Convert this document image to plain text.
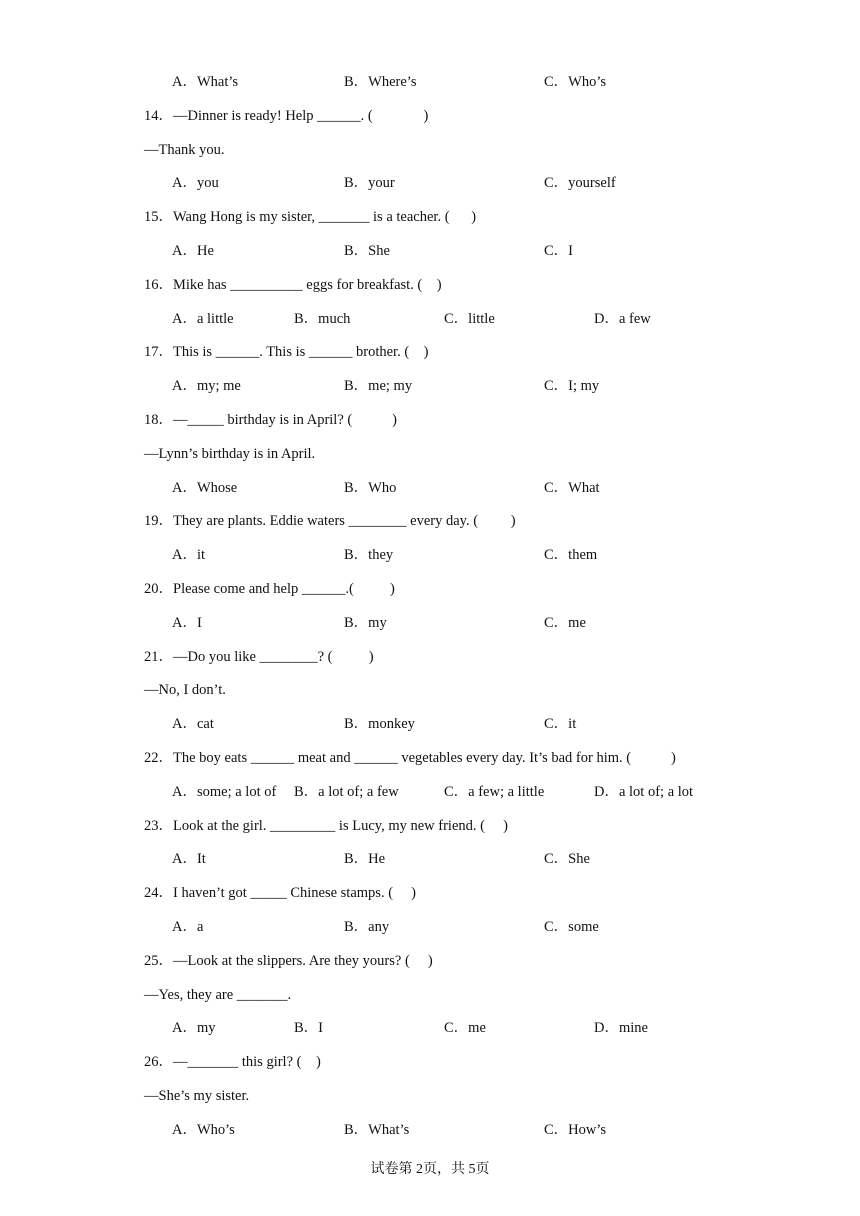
A．What’s	B．Where’s	C．Who’s
14．—Dinner is ready! Help ______. (              )
—Thank you.
A．you	B．your	C．yourself
15．Wang Hong is my sister, _______ is a teacher. (      )
A．He	B．She	C．I
16．Mike has __________ eggs for breakfast. (    )
A．a little	B．much	C．little	D．a few
17．This is ______. This is ______ brother. (    )
A．my; me	B．me; my	C．I; my
18．—_____ birthday is in April? (           )
—Lynn’s birthday is in April.
A．Whose	B．Who	C．What
19．They are plants. Eddie waters ________ every day. (         )
A．it	B．they	C．them
20．Please come and help ______.(          )
A．I	B．my	C．me
21．—Do you like ________? (          )
—No, I don’t.
A．cat	B．monkey	C．it
22．The boy eats ______ meat and ______ vegetables every day. It’s bad for him. (           )
A．some; a lot of B．a lot of; a few	C．a few; a little	D．a lot of; a lot
23．Look at the girl. _________ is Lucy, my new friend. (     )
A．It	B．He	C．She
24．I haven’t got _____ Chinese stamps. (     )
A．a	B．any	C．some
25．—Look at the slippers. Are they yours? (     )
—Yes, they are _______.
A．my	B．I	C．me	D．mine
26．—_______ this girl? (    )
—She’s my sister.
A．Who’s	B．What’s	C．How’s
试卷第 2页，共 5页
